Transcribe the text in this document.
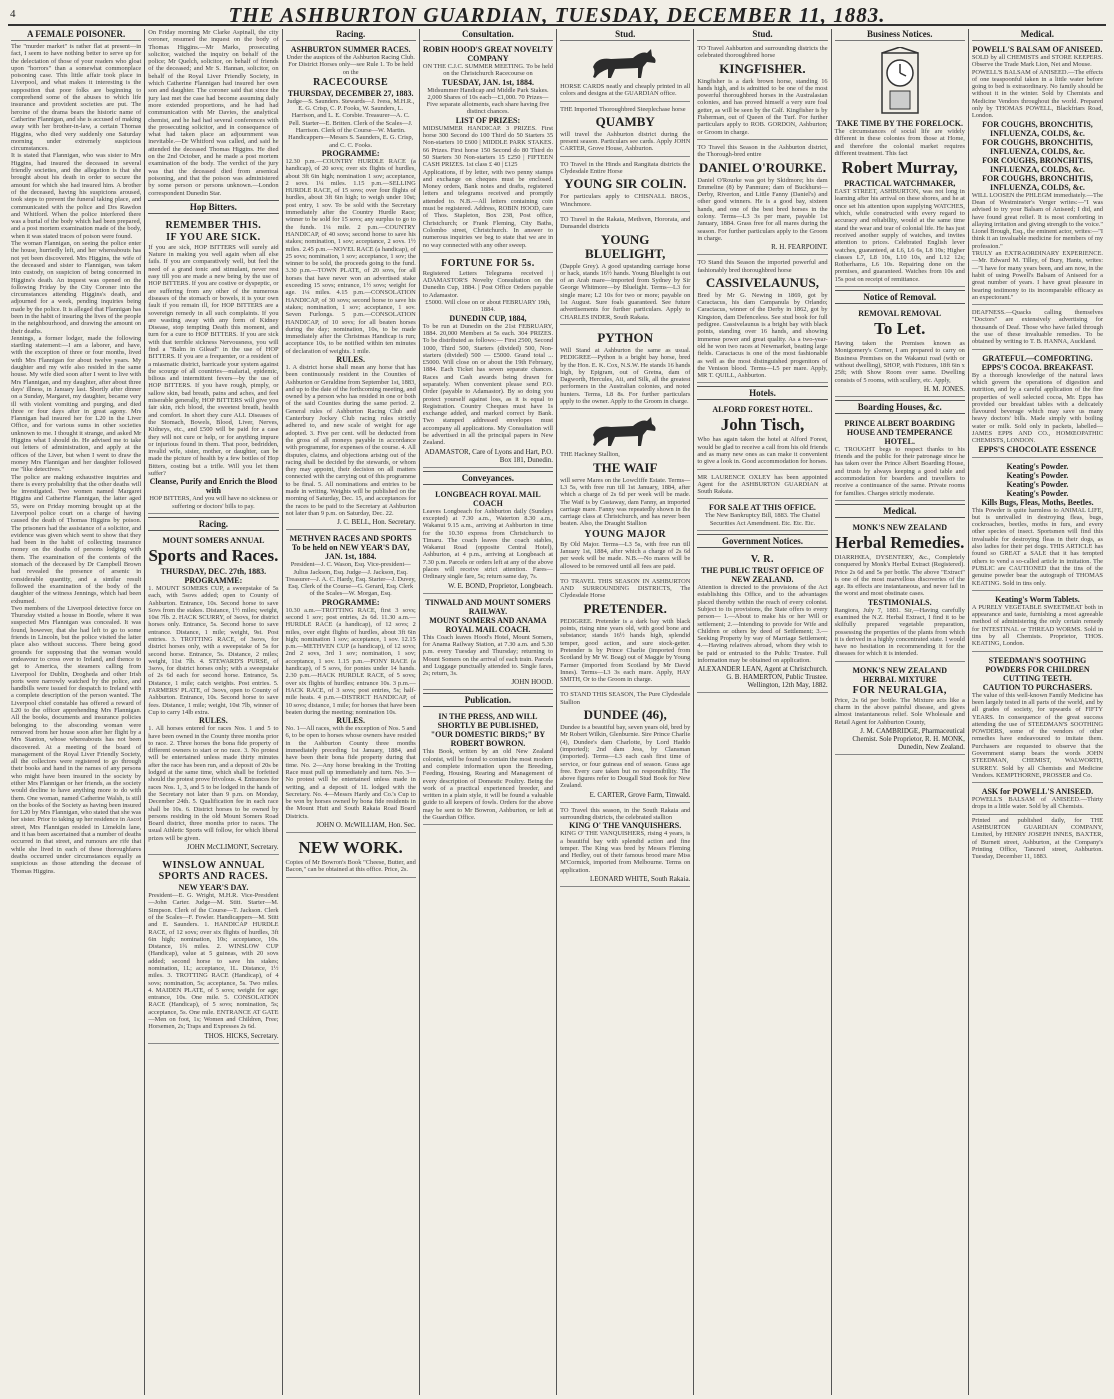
4	THE ASHBURTON GUARDIAN, TUESDAY, DECEMBER 11, 1883.
A FEMALE POISONER.

The "murder market" is rather flat at present—in fact, I seem to have nothing better to serve up for the delectation of those of your readers who gloat upon "horrors" than a somewhat commonplace poisoning case. This little affair took place in Liverpool, and what makes it interesting is the supposition that poor folks are beginning to comprehend some of the abuses to which life insurance and provident societies are put. The heroine of the drama bears the historic name of Catherine Flannigan, and she is accused of making away with her brother-in-law, a certain Thomas Higgins, who died very suddenly one Saturday morning under extremely suspicious circumstances.

It is stated that Flannigan, who was sister to Mrs Higgins, had insured the deceased in several friendly societies, and the allegation is that she brought about his death in order to secure the amount for which she had insured him. A brother of the deceased, having his suspicions aroused, took steps to prevent the funeral taking place, and communicated with the police and Drs Rawdon and Whitford. When the police interfered there was a burial of the body which had been prepared, and a post mortem examination made of the body, when it was stated traces of poison were found.

The woman Flannigan, on seeing the police enter the house, hurriedly left, and her whereabouts has not yet been discovered. Mrs Higgins, the wife of the deceased and sister to Flannigan, was taken into custody, on suspicion of being concerned in Higgins's death. An inquest was opened on the following Friday by the City Coroner into the circumstances attending Higgins's death, and adjourned for a week, pending inquiries being made by the police. It is alleged that Flannigan has been in the habit of insuring the lives of the people in the neighbourhood, and drawing the amount on their deaths.

Jennings, a former lodger, made the following startling statement:—I am a laborer, and have, with the exception of three or four months, lived with Mrs Flannigan for about twelve years. My daughter and my wife also resided in the same house. My wife died soon after I went to live with Mrs Flannigan, and my daughter, after about three days' illness, in January last. Shortly after dinner on a Sunday, Margaret, my daughter, became very ill with violent vomiting and purging, and died three or four days after in great agony. Mrs Flannigan had insured her for L20 in the Liver Office, and for various sums in other societies unknown to me. I thought it strange, and asked Mr Higgins what I should do. He advised me to take out letters of administration, and apply at the offices of the Liver, but when I went to draw the money Mrs Flannigan and her daughter followed me "like detectives."

The police are making exhaustive inquiries and there is every probability that the other deaths will be investigated. Two women named Margaret Higgins and Catherine Flannigan, the latter aged 55, were on Friday morning brought up at the Liverpool police court on a charge of having caused the death of Thomas Higgins by poison. The prisoners had the assistance of a solicitor, and evidence was given which went to show that they had been in the habit of collecting insurance money on the deaths of persons lodging with them. The examination of the contents of the stomach of the deceased by Dr Campbell Brown had revealed the presence of arsenic in considerable quantity, and a similar result followed the examination of the body of the daughter of the witness Jennings, which had been exhumed.

Two members of the Liverpool detective force on Thursday visited a house in Bootle, where it was suspected Mrs Flannigan was concealed. It was found, however, that she had left to go to some friends in Lincoln, but the police visited the latter place also without success. There being good grounds for supposing that the woman would endeavour to cross over to Ireland, and thence to get to America, the steamers calling from Liverpool for Dublin, Drogheda and other Irish ports were narrowly watched by the police, and handbills were issued for despatch to Ireland with a complete description of the person wanted. The Liverpool chief constable has offered a reward of L20 to the officer apprehending Mrs Flannigan. All the books, documents and insurance policies belonging to the absconding woman were removed from her house soon after her flight by a Mrs Stanton, whose whereabouts has not been discovered. At a meeting of the board of management of the Royal Liver Friendly Society, all the collectors were registered to go through their books and hand in the names of any persons who might have been insured in the society by either Mrs Flannigan or her friends, as the society would decline to have anything more to do with them. One woman, named Catherine Walsh, is still on the books of the Society as having been insured for L20 by Mrs Flannigan, who stated that she was her sister. Prior to taking up her residence in Ascot street, Mrs Flannigan resided in Limekiln lane, and it has been ascertained that a number of deaths occurred in that street, and rumours are rife that while she lived in each of these thoroughfares deaths occurred under circumstances equally as suspicious as those attending the decease of Thomas Higgins.

On Friday morning Mr Clarke Aspinall, the city coroner, resumed the inquest on the body of Thomas Higgins.—Mr Marks, prosecuting solicitor, watched the inquiry on behalf of the police; Mr Quelch, solicitor, on behalf of friends of the deceased; and Mr S. Hannan, solicitor, on behalf of the Royal Liver Friendly Society, in which Catherine Flannigan had insured her own son and daughter. The coroner said that since the jury last met the case had become assuming daily more extended proportions, and he had had communication with Mr Davies, the analytical chemist, and he had had several conferences with the prosecuting solicitor, and in consequence of what had taken place an adjournment was inevitable.—Dr Whitford was called, and said he attended the deceased Thomas Higgins. He died on the 2nd October, and he made a post mortem examination of the body. The verdict of the jury was that the deceased died from arsenical poisoning, and that the poison was administered by some person or persons unknown.—London correspondent Dunedin Star.

Hop Bitters.
REMEMBER THIS.
IF YOU ARE SICK.

If you are sick, HOP BITTERS will surely aid Nature in making you well again when all else fails. If you are comparatively well, but feel the need of a grand tonic and stimulant, never rest easy till you are made a new being by the use of HOP BITTERS. If you are costive or dyspeptic, or are suffering from any other of the numerous diseases of the stomach or bowels, it is your own fault if you remain ill, for HOP BITTERS are a sovereign remedy in all such complaints. If you are wasting away with any form of Kidney Disease, stop tempting Death this moment, and turn for a cure to HOP BITTERS. If you are sick with that terrible sickness Nervousness, you will find a "Balm in Gilead" in the use of HOP BITTERS. If you are a frequenter, or a resident of a miasmatic district, barricade your system against the scourge of all countries—malarial, epidemic, bilious and intermittent fevers—by the use of HOP BITTERS. If you have rough, pimply, or sallow skin, bad breath, pains and aches, and feel miserable generally, HOP BITTERS will give you fair skin, rich blood, the sweetest breath, health and comfort. In short they cure ALL Diseases of the Stomach, Bowels, Blood, Liver, Nerves, Kidneys, etc., and £500 will be paid for a case they will not cure or help, or for anything impure or injurious found in them. That poor, bedridden, invalid wife, sister, mother, or daughter, can be made the picture of health by a few bottles of Hop Bitters, costing but a trifle. Will you let them suffer?

Cleanse, Purify and Enrich the Blood with

HOP BITTERS, And you will have no sickness or suffering or doctors' bills to pay.

Racing.
MOUNT SOMERS ANNUAL
Sports and Races.
THURSDAY, DEC. 27th, 1883.
PROGRAMME:

1. MOUNT SOMERS CUP, a sweepstake of 5s each, with 5sovs added; open to County of Ashburton. Entrance, 10s. Second horse to save Sovs from the stakes. Distance, 1½ miles; weight, 10st 7lb. 2. HACK SCURRY, of 3sovs, for district horses only. Entrance, 5s. Second horse to save entrance. Distance, 1 mile; weight, 9st. Post entries. 3. TROTTING RACE, of 3sovs, for district horses only, with a sweepstake of 5s for second horse. Entrance, 5s. Distance, 2 miles; weight, 11st 7lb. 4. STEWARD'S PURSE, of 3sovs, for district horses only; with a sweepstake of 2s 6d each for second horse. Entrance, 5s. Distance, 1 mile; catch weights. Post entries. 5. FARMERS' PLATE, of 3sovs, open to County of Ashburton. Entrance, 10s. Second horse to save fees. Distance, 1 mile; weight, 10st 7lb, winner of Cup to carry 14lb extra.

RULES.

1. All horses entered for races Nos. 1 and 5 to have been owned in the County three months prior to race. 2. Three horses the bona fide property of different owners to start or no race. 3. No protest will be entertained unless made thirty minutes after the race has been run, and a deposit of 20s be lodged at the same time, which shall be forfeited should the protest prove frivolous. 4. Entrances for races Nos. 1, 3, and 5 to be lodged in the hands of the Secretary not later than 9 p.m. on Monday, December 24th. 5. Qualification fee in each race shall be 10s. 6. District horses to be owned by persons residing in the old Mount Somers Road Board district, three months prior to races. The usual Athletic Sports will follow, for which liberal prizes will be given.

JOHN McCLIMONT, Secretary.
WINSLOW ANNUAL SPORTS AND RACES.
NEW YEAR'S DAY.

President—E. G. Wright, M.H.R. Vice-President—John Carter. Judge—M. Stitt. Starter—M. Simpson. Clerk of the Course—T. Jackson. Clerk of the Scales—F. Fowler. Handicappers—M. Stitt and E. Saunders. 1. HANDICAP HURDLE RACE, of 12 sovs; over six flights of hurdles, 3ft 6in high; nomination, 10s; acceptance, 10s. Distance, 1¾ miles. 2. WINSLOW CUP (Handicap), value at 5 guineas, with 20 sovs added; second horse to save his stakes; nomination, 1L; acceptance, 1L. Distance, 1½ miles. 3. TROTTING RACE (Handicap), of 4 sovs; nomination, 5s; acceptance, 5s. Two miles. 4. MAIDEN PLATE, of 5 sovs; weight for age; entrance, 10s. One mile. 5. CONSOLATION RACE (Handicap), of 5 sovs; nomination, 5s; acceptance, 5s. One mile. ENTRANCE AT GATE—Men on foot, 1s; Women and Children, Free; Horsemen, 2s; Traps and Expresses 2s 6d.

THOS. HICKS, Secretary.
Racing.
ASHBURTON SUMMER RACES.

Under the auspices of the Ashburton Racing Club. For District Horses only—see Rule 1. To be held on the

RACECOURSE
THURSDAY, DECEMBER 27, 1883.

Judge—S. Saunders. Stewards—J. Ivess, M.H.R., E. G. Crisp, C. P. Fooks, W. Saunders, L. Harrison, and L. E. Corsbie. Treasurer—A. C. Pell. Starter—E. Britten. Clerk of the Scales—J. Harrison. Clerk of the Course—W. Martin. Handicappers—Messrs S. Saunders, E. G. Crisp, and C. C. Fooks.

PROGRAMME:

12.30 p.m.—COUNTRY HURDLE RACE (a handicap), of 20 sovs; over six flights of hurdles, about 3ft 6in high; nomination 1 sov; acceptance, 2 sovs. 1¼ miles. 1.15 p.m.—SELLING HURDLE RACE, of 15 sovs; over four flights of hurdles, about 3ft 6in high; to weigh under 10st; post entry, 1 sov. To be sold with the Secretary immediately after the Country Hurdle Race; winner to be sold for 15 sovs; any surplus to go to the funds. 1¼ mile. 2 p.m.—COUNTRY HANDICAP, of 40 sovs; second horse to save his stakes; nomination, 1 sov; acceptance, 2 sovs. 1½ miles. 2.45 p.m.—NOVEL RACE (a handicap), of 25 sovs; nomination, 1 sov; acceptance, 1 sov; the winner to be sold, the proceeds going to the fund. 3.30 p.m.—TOWN PLATE, of 20 sovs, for all horses that have never won an advertised stake exceeding 15 sovs; entrance, 1½ sovs; weight for age. 1¼ miles. 4.15 p.m.—CONSOLATION HANDICAP, of 30 sovs; second horse to save his stakes; nomination, 1 sov; acceptance, 1 sov. Seven Furlongs. 5 p.m.—CONSOLATION HANDICAP, of 10 sovs; for all beaten horses during the day; nomination, 10s, to be made immediately after the Christmas Handicap is run; acceptance 10s, to be notified within ten minutes of declaration of weights. 1 mile.

RULES.

1. A district horse shall mean any horse that has been continuously resident in the Counties of Ashburton or Geraldine from September 1st, 1883, and up to the date of the forthcoming meeting, and owned by a person who has resided in one or both of the said Counties during the same period. 2. General rules of Ashburton Racing Club and Canterbury Jockey Club racing rules strictly adhered to, and new scale of weight for age adopted. 3. Five per cent. will be deducted from the gross of all moneys payable in accordance with programme, for expenses of the course. 4. All disputes, claims, and objections arising out of the racing shall be decided by the stewards, or whom they may appoint, their decision on all matters connected with the carrying out of this programme to be final. 5. All nominations and entries to be made in writing. Weights will be published on the morning of Saturday, Dec. 15, and acceptances for the races to be paid to the Secretary at Ashburton not later than 9 p.m. on Saturday, Dec. 22.

J. C. BELL, Hon. Secretary.
METHVEN RACES AND SPORTS
To be held on NEW YEAR'S DAY, JAN. 1st, 1884.

President—J. C. Wason, Esq. Vice-president—Julius Jackson, Esq. Judge—J. Jackson, Esq. Treasurer—J. A. C. Hardy, Esq. Starter—J. Duvey, Esq. Clerk of the Course—G. Gerard, Esq. Clerk of the Scales—W. Morgan, Esq.

PROGRAMME:

10.30 a.m.—TROTTING RACE, first 3 sovs; second 1 sov; post entries, 2s 6d. 11.30 a.m.—HURDLE RACE (a handicap), of 12 sovs; 2 miles, over eight flights of hurdles, about 3ft 6in high; nomination 1 sov; acceptance, 1 sov. 12.15 p.m.—METHVEN CUP (a handicap), of 12 sovs; 2nd 2 sovs, 3rd 1 sov; nomination, 1 sov; acceptance, 1 sov. 1.15 p.m.—PONY RACE (a handicap), of 5 sovs, for ponies under 14 hands. 2.30 p.m.—HACK HURDLE RACE, of 5 sovs; over six flights of hurdles; entrance 10s. 3 p.m.—HACK RACE, of 3 sovs; post entries, 5s; half-mile heats. 4 p.m.—DISTRICT HANDICAP, of 10 sovs; distance, 1 mile; for horses that have been beaten during the meeting; nomination 10s.

RULES.

No. 1—All races, with the exception of Nos. 5 and 6, to be open to horses whose owners have resided in the Ashburton County three months immediately preceding 1st January, 1884, and have been their bona fide property during that time. No. 2—Any horse breaking in the Trotting Race must pull up immediately and turn. No. 3—No protest will be entertained unless made in writing, and a deposit of 1L lodged with the Secretary. No. 4—Messrs Hardy and Co.'s Cup to be won by horses owned by bona fide residents in the Mount Hutt and South Rakaia Road Board Districts.

JOHN O. McWILLIAM, Hon. Sec.
NEW WORK.

Copies of Mr Bowron's Book "Cheese, Butter, and Bacon," can be obtained at this office. Price, 2s.

Consultation.
ROBIN HOOD'S GREAT NOVELTY COMPANY

ON THE C.J.C. SUMMER MEETING. To be held on the Christchurch Racecourse on

TUESDAY, JAN. 1st, 1884.

Midsummer Handicap and Middle Park Stakes. 2,000 Shares of 10s each—£1,000. 70 Prizes—Five separate allotments, each share having five distinct chances.

LIST OF PRIZES:

MIDSUMMER HANDICAP. 3 PRIZES. First horse 300 Second do 100 Third do 50 Starters 35 Non-starters 10 £600 | MIDDLE PARK STAKES. 66 Prizes. First horse 150 Second do 80 Third do 50 Starters 30 Non-starters 15 £250 | FIFTEEN CASH PRIZES. 1st class £ 40 | £125

Applications, if by letter, with two penny stamps and exchange on cheques must be enclosed. Money orders, Bank notes and drafts, registered letters and telegrams received and promptly attended to. N.B.—All letters containing coin must be registered. Address, ROBIN HOOD, care of Thos. Stapleton, Box 238, Post office, Christchurch; or Frank Fleming, City Baths, Colombo street, Christchurch. In answer to numerous inquiries we beg to state that we are in no way connected with any other sweep.

FORTUNE FOR 5s.

Registered Letters Telegrams received | ADAMASTOR'S Novelty Consultation on the Dunedin Cup, 1884. | Post Office Orders payable to Adamastor.

£5000. Will close on or about FEBRUARY 19th, 1884.

DUNEDIN CUP, 1884,

To be run at Dunedin on the 21st FEBRUARY, 1884. 20,000 Members at 5s each. 304 PRIZES. To be distributed as follows:— First 2500, Second 1000, Third 500, Starters (divided) 500, Non-starters (divided) 500 — £5000. Grand total ... £5000. Will close on or about the 19th February, 1884. Each Ticket has seven separate chances. Races and Cash awards being drawn for separately. When convenient please send P.O. Order (payable to Adamastor). By so doing you protect yourself against loss, as it is equal to Registration. Country Cheques must have 1s exchange added, and marked correct by Bank. Two stamped addressed envelopes must accompany all applications. My Consultation will be advertised in all the principal papers in New Zealand.

ADAMASTOR, Care of Lyons and Hart, P.O. Box 181, Dunedin.
Conveyances.
LONGBEACH ROYAL MAIL COACH

Leaves Longbeach for Ashburton daily (Sundays excepted) at 7.30 a.m., Waterton 8.30 a.m., Wakanui 9.15 a.m., arriving at Ashburton in time for the 10.30 express from Christchurch to Timaru. The coach leaves the coach stables, Wakanui Road (opposite Central Hotel), Ashburton, at 4 p.m., arriving at Longbeach at 7.30 p.m. Parcels or orders left at any of the above places will receive strict attention. Fares—Ordinary single fare, 5s; return same day, 7s.

W. E. BOND, Proprietor, Longbeach.
TINWALD AND MOUNT SOMERS RAILWAY.
MOUNT SOMERS AND ANAMA ROYAL MAIL COACH.

This Coach leaves Hood's Hotel, Mount Somers, for Anama Railway Station, at 7.30 a.m. and 5.30 p.m. every Tuesday and Thursday; returning to Mount Somers on the arrival of each train. Parcels and Luggage punctually attended to. Single fares, 2s; return, 3s.

JOHN HOOD.
Publication.
IN THE PRESS, AND WILL SHORTLY BE PUBLISHED,
"OUR DOMESTIC BIRDS;" BY ROBERT BOWRON.

This Book, written by an old New Zealand colonist, will be found to contain the most modern and complete information upon the Breeding, Feeding, Housing, Rearing and Management of every description of Domestic Poultry. Being the work of a practical experienced breeder, and written in a plain style, it will be found a valuable guide to all keepers of fowls. Orders for the above may be sent to Mr Bowron, Ashburton, or left at the Guardian Office.

Stud.

HORSE CARDS neatly and cheaply printed in all colors and designs at the GUARDIAN office.

THE Imported Thoroughbred Steeplechase horse

QUAMBY

will travel the Ashburton district during the present season. Particulars see cards. Apply JOHN CARTER, Grove House, Ashburton.

TO Travel in the Hinds and Rangitata districts the Clydesdale Entire Horse

YOUNG SIR COLIN.

For particulars apply to CHISNALL BROS., Winchmore.

TO Travel in the Rakaia, Methven, Hororata, and Dunsandel districts

YOUNG BLUELIGHT,

(Dapple Grey). A good upstanding carriage horse or hack, stands 16½ hands. Young Bluelight is out of an Arab mare—imported from Sydney by Sir George Whitmore—by Bluelight. Terms—L3 for single mare; L2 10s for two or more; payable on 1st August. Sure foals guaranteed. See future advertisements for further particulars. Apply to CHARLES INDER, South Rakaia.

PYTHON

Will Stand at Ashburton the same as usual. PEDIGREE—Python is a bright bay horse, bred by the Hon. E. K. Cox, N.S.W. He stands 16 hands high, by Epigram, out of Gretna, dam of Dagworth, Hercules, Aii, and Silk, all the greatest performers in the Australian colonies, and noted hunters. Terms, L8 8s. For further particulars apply to the owner. Apply to the Groom in charge.

THE Hackney Stallion,

THE WAIF

will serve Mares on the Lowcliffe Estate. Terms—L3 5s, with free run till 1st January, 1884, after which a charge of 2s 6d per week will be made. The Waif is by Castaway, dam Fanny, an imported carriage mare. Fanny was repeatedly shown in the carriage class at Christchurch, and has never been beaten. Also, the Draught Stallion

YOUNG MAJOR

By Old Major. Terms—L3 5s, with free run till January 1st, 1884, after which a charge of 2s 6d per week will be made. N.B.—No mares will be allowed to be removed until all fees are paid.

TO TRAVEL THIS SEASON IN ASHBURTON AND SURROUNDING DISTRICTS, The Clydesdale Horse

PRETENDER.

PEDIGREE. Pretender is a dark bay with black points, rising nine years old, with good bone and substance; stands 16½ hands high, splendid temper, good action, and sure stock-getter. Pretender is by Prince Charlie (imported from Scotland by Mr W. Boag) out of Maggie by Young Farmer (imported from Scotland by Mr David Innes). Terms—L3 3s each mare. Apply, HAY SMITH, Or to the Groom in charge.

TO STAND THIS SEASON, The Pure Clydesdale Stallion

DUNDEE (46),

Dundee is a beautiful bay, seven years old, bred by Mr Robert Wilkin, Glenburnie. Sire Prince Charlie (4), Dundee's dam Charlotte, by Lord Haddo (imported); 2nd dam Jess, by Clansman (imported). Terms—L3 each cash first time of service, or four guineas end of season. Grass age free. Every care taken but no responsibility. The above figures refer to Dougall Stud Book for New Zealand.

E. CARTER, Grove Farm, Tinwald.

TO Travel this season, in the South Rakaia and surrounding districts, the celebrated stallion

KING O' THE VANQUISHERS.

KING O' THE VANQUISHERS, rising 4 years, is a beautiful bay with splendid action and fine temper. The King was bred by Messrs Fleming and Hedley, out of their famous brood mare Miss M'Cormick, imported from Melbourne. Terms on application.

LEONARD WHITE, South Rakaia.
Stud.

TO Travel Ashburton and surrounding districts the celebrated thoroughbred horse

KINGFISHER.

Kingfisher is a dark brown horse, standing 16 hands high, and is admitted to be one of the most powerful thoroughbred horses in the Australasian colonies, and has proved himself a very sure foal getter, as will be seen by the Calf. Kingfisher is by Fisherman, out of Queen of the Turf. For further particulars apply to ROB. GORDON, Ashburton; or Groom in charge.

TO Travel this Season in the Ashburton district, the Thorough-bred entire

DANIEL O'ROURKE.

Daniel O'Rourke was got by Skidmore; his dam Emmeline (8) by Panmure; dam of Buckhurst—Derby, Riverton, and Little Fanny (Daniel's) and other good winners. He is a good bay, sixteen hands, and one of the best bred horses in the colony. Terms—L3 3s per mare, payable 1st January, 1884. Grass free for all mares during the season. For further particulars apply to the Groom in charge.

R. H. FEARPOINT.

TO Stand this Season the imported powerful and fashionably bred thoroughbred horse

CASSIVELAUNUS,

Bred by Mr G. Newing in 1869, got by Caractacus, his dam Campanula by Orlando; Caractacus, winner of the Derby in 1862, got by Kingston, dam Defenceless. See stud book for full pedigree. Cassivelaunus is a bright bay with black points, standing over 16 hands, and showing immense power and great quality. As a two-year-old he won two races at Newmarket, beating large fields. Caractacus is one of the most fashionable as well as the most distinguished progenitors of the Venison blood. Terms—L5 per mare. Apply, MR T. QUILL, Ashburton.

Hotels.
ALFORD FOREST HOTEL.
John Tisch,

Who has again taken the hotel at Alford Forest, would be glad to receive a call from his old friends and as many new ones as can make it convenient to give a look in. Good accommodation for horses.

MR LAURENCE OXLEY has been appointed Agent for the ASHBURTON GUARDIAN at South Rakaia.

FOR SALE AT THIS OFFICE.

The New Bankruptcy Bill, 1883. The Chattel Securities Act Amendment. Etc. Etc. Etc.

Government Notices.
V. R.
THE PUBLIC TRUST OFFICE OF NEW ZEALAND.

Attention is directed to the provisions of the Act establishing this Office, and to the advantages placed thereby within the reach of every colonist. Subject to its provisions, the State offers to every person— 1.—About to make his or her Will or settlement; 2.—Intending to provide for Wife and Children or others by deed of Settlement; 3.—Seeking Property by way of Marriage Settlement; 4.—Having relatives abroad, whom they wish to be paid or entrusted to the Public Trustee. Full information may be obtained on application.

ALEXANDER LEAN, Agent at Christchurch. G. B. HAMERTON, Public Trustee. Wellington, 12th May, 1882.
Business Notices.
TAKE TIME BY THE FORELOCK.

The circumstances of social life are widely different in these colonies from those at Home, and therefore the colonial market requires different treatment. This fact

Robert Murray,
PRACTICAL WATCHMAKER,

EAST STREET, ASHBURTON, was not long in learning after his arrival on these shores, and he at once set his attention upon supplying WATCHES, which, while constructed with every regard to accuracy and reliability, would at the same time stand the wear and tear of colonial life. He has just received another supply of watches, and invites attention to prices. Celebrated English lever watches, guaranteed, at L6, L6 6s, L8 10s; Higher classes L7, L8 10s, L10 10s, and L12 12s; Rotherhams, L6 10s. Repairing done on the premises, and guaranteed. Watches from 10s and 15s post on receipt of remittance.

Notice of Removal.
REMOVAL REMOVAL
To Let.

Having taken the Premises known as Montgomery's Corner, I am prepared to carry on Business Premises on the Wakanui road (with or without dwelling), SHOP, with Fixtures, 18ft 6in x 25ft; with Show Room over same. Dwelling consists of 5 rooms, with scullery, etc. Apply,

H. M. JONES.
Boarding Houses, &c.
PRINCE ALBERT BOARDING HOUSE AND TEMPERANCE HOTEL.

C. TROUGHT begs to respect thanks to his friends and the public for their patronage since he has taken over the Prince Albert Boarding House, and trusts by always keeping a good table and accommodation for boarders and travellers to receive a continuance of the same. Private rooms for families. Charges strictly moderate.

Medical.
MONK'S NEW ZEALAND
Herbal Remedies.

DIARRHŒA, DYSENTERY, &c., Completely conquered by Monk's Herbal Extract (Registered). Price 2s 6d and 5s per bottle. The above "Extract" is one of the most marvellous discoveries of the age. Its effects are instantaneous, and never fail in the worst and most obstinate cases.

TESTIMONIALS.

Rangiora, July 7, 1881. Sir,—Having carefully examined the N.Z. Herbal Extract, I find it to be skilfully prepared vegetable preparation, possessing the properties of the plants from which it is derived in a highly concentrated state. I would have no hesitation in recommending it for the diseases for which it is intended.

MONK'S NEW ZEALAND HERBAL MIXTURE
FOR NEURALGIA,

Price, 2s 6d per bottle. The Mixture acts like a charm in the above painful disease, and gives almost instantaneous relief. Sole Wholesale and Retail Agent for Ashburton County,

J. M. CAMBRIDGE, Pharmaceutical Chemist. Sole Proprietor, R. H. MONK, Dunedin, New Zealand.
Medical.
POWELL'S BALSAM OF ANISEED.

SOLD by all CHEMISTS and STORE KEEPERS. Observe the Trade Mark Lion, Net and Mouse.

POWELL'S BALSAM of ANISEED.—The effects of one teaspoonful taken in a little water before going to bed is extraordinary. No family should be without it in the winter. Sold by Chemists and Medicine Vendors throughout the world. Prepared only by THOMAS POWELL, Blackfriars Road, London.

FOR COUGHS, BRONCHITIS, INFLUENZA, COLDS, &c.
FOR COUGHS, BRONCHITIS, INFLUENZA, COLDS, &c.
FOR COUGHS, BRONCHITIS, INFLUENZA, COLDS, &c.
FOR COUGHS, BRONCHITIS, INFLUENZA, COLDS, &c.

WILL LOOSEN the PHLEGM immediately.—The Dean of Westminster's Verger writes:—"I was advised to try your Balsam of Aniseed; I did, and have found great relief. It is most comforting in allaying irritation and giving strength to the voice." Lionel Brough, Esq., the eminent actor, writes:—"I think it an invaluable medicine for members of my profession."

TRULY an EXTRAORDINARY EXPERIENCE.—Mr. Edward M. Tilley, of Bury, Hants, writes:—"I have for many years been, and am now, in the habit of using Powell's Balsam of Aniseed for a great number of years. I have great pleasure in bearing testimony to its incomparable efficacy as an expectorant."

DEAFNESS.—Quacks calling themselves "Doctors" are extensively advertising for thousands of Deaf. Those who have failed through the use of these invaluable remedies. To be obtained by writing to T. B. HANNA, Auckland.

GRATEFUL—COMFORTING. EPPS'S COCOA. BREAKFAST.

By a thorough knowledge of the natural laws which govern the operations of digestion and nutrition, and by a careful application of the fine properties of well selected cocoa, Mr. Epps has provided our breakfast tables with a delicately flavoured beverage which may save us many heavy doctors' bills. Made simply with boiling water or milk. Sold only in packets, labelled—JAMES EPPS AND CO., HOMŒOPATHIC CHEMISTS, LONDON.

EPPS'S CHOCOLATE ESSENCE
Keating's Powder.
Keating's Powder.
Keating's Powder.
Keating's Powder.
Kills Bugs, Fleas, Moths, Beetles.

This Powder is quite harmless to ANIMAL LIFE, but is unrivalled in destroying fleas, bugs, cockroaches, beetles, moths in furs, and every other species of insect. Sportsmen will find this invaluable for destroying fleas in their dogs, as also ladies for their pet dogs. THIS ARTICLE has found so GREAT a SALE that it has tempted others to vend a so-called article in imitation. The PUBLIC are CAUTIONED that the tins of the genuine powder bear the autograph of THOMAS KEATING. Sold in tins only.

Keating's Worm Tablets.

A PURELY VEGETABLE SWEETMEAT both in appearance and taste, furnishing a most agreeable method of administering the only certain remedy for INTESTINAL or THREAD WORMS. Sold in tins by all Chemists. Proprietor, THOS. KEATING, London.

STEEDMAN'S SOOTHING POWDERS FOR CHILDREN CUTTING TEETH.
CAUTION TO PURCHASERS.

The value of this well-known Family Medicine has been largely tested in all parts of the world, and by all grades of society, for upwards of FIFTY YEARS. In consequence of the great success attending the use of STEEDMAN'S SOOTHING POWDERS, some of the vendors of other remedies have endeavoured to imitate them. Purchasers are requested to observe that the Government stamp bears the words JOHN STEEDMAN, CHEMIST, WALWORTH, SURREY. Sold by all Chemists and Medicine Vendors. KEMPTHORNE, PROSSER and Co.

ASK for POWELL'S ANISEED.

POWELL'S BALSAM of ANISEED.—Thirty drops in a little water. Sold by all Chemists.

Printed and published daily, for THE ASHBURTON GUARDIAN COMPANY, Limited, by HENRY JOSEPH INNES, BAXTER, of Burnett street, Ashburton, at the Company's Printing Office, Tancred street, Ashburton. Tuesday, December 11, 1883.
